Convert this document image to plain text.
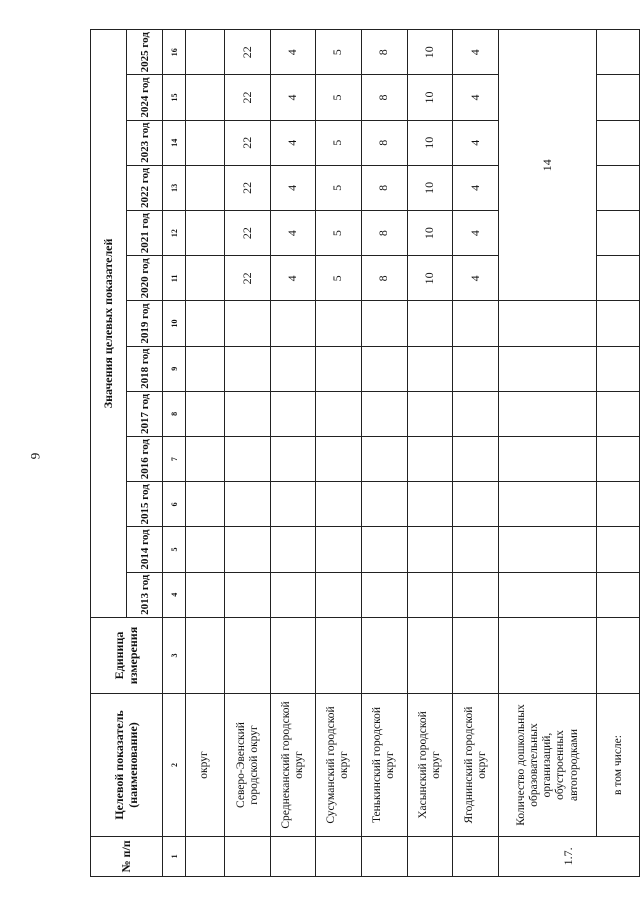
9
№ п/п	Целевой показатель (наименование)	Единица измерения	Значения целевых показателей												
			2013 год	2014 год	2015 год	2016 год	2017 год	2018 год	2019 год	2020 год	2021 год	2022 год	2023 год	2024 год	2025 год
1	2	3	4	5	6	7	8	9	10	11	12	13	14	15	16
	округ														
	Северо-Эвенский городской округ									22	22	22	22	22	22
	Среднеканский городской округ									4	4	4	4	4	4
	Сусуманский городской округ									5	5	5	5	5	5
	Тенькинский городской округ									8	8	8	8	8	8
	Хасынский городской округ									10	10	10	10	10	10
	Ягоднинский городской округ									4	4	4	4	4	4
1.7.	Количество дошкольных образовательных организаций, обустроенных автогородками									14					
	в том числе:														
